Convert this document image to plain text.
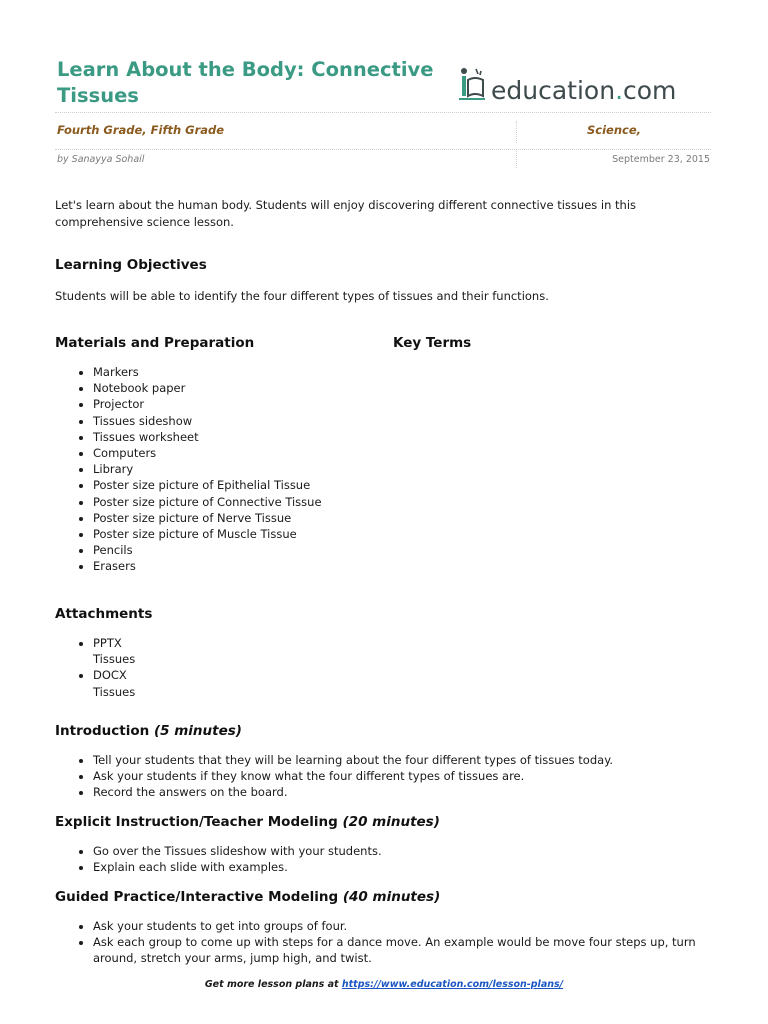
Learn About the Body: Connective Tissues	education.com
Fourth Grade, Fifth Grade	Science,
by Sanayya Sohail	September 23, 2015

Let's learn about the human body. Students will enjoy discovering different connective tissues in this comprehensive science lesson.

Learning Objectives

Students will be able to identify the four different types of tissues and their functions.

Materials and Preparation	Key Terms
• Markers
• Notebook paper
• Projector
• Tissues sideshow
• Tissues worksheet
• Computers
• Library
• Poster size picture of Epithelial Tissue
• Poster size picture of Connective Tissue
• Poster size picture of Nerve Tissue
• Poster size picture of Muscle Tissue
• Pencils
• Erasers
Attachments
• PPTX
Tissues
• DOCX
Tissues
Introduction (5 minutes)
• Tell your students that they will be learning about the four different types of tissues today.
• Ask your students if they know what the four different types of tissues are.
• Record the answers on the board.
Explicit Instruction/Teacher Modeling (20 minutes)
• Go over the Tissues slideshow with your students.
• Explain each slide with examples.
Guided Practice/Interactive Modeling (40 minutes)
• Ask your students to get into groups of four.
• Ask each group to come up with steps for a dance move. An example would be move four steps up, turn around, stretch your arms, jump high, and twist.
Get more lesson plans at https://www.education.com/lesson-plans/
